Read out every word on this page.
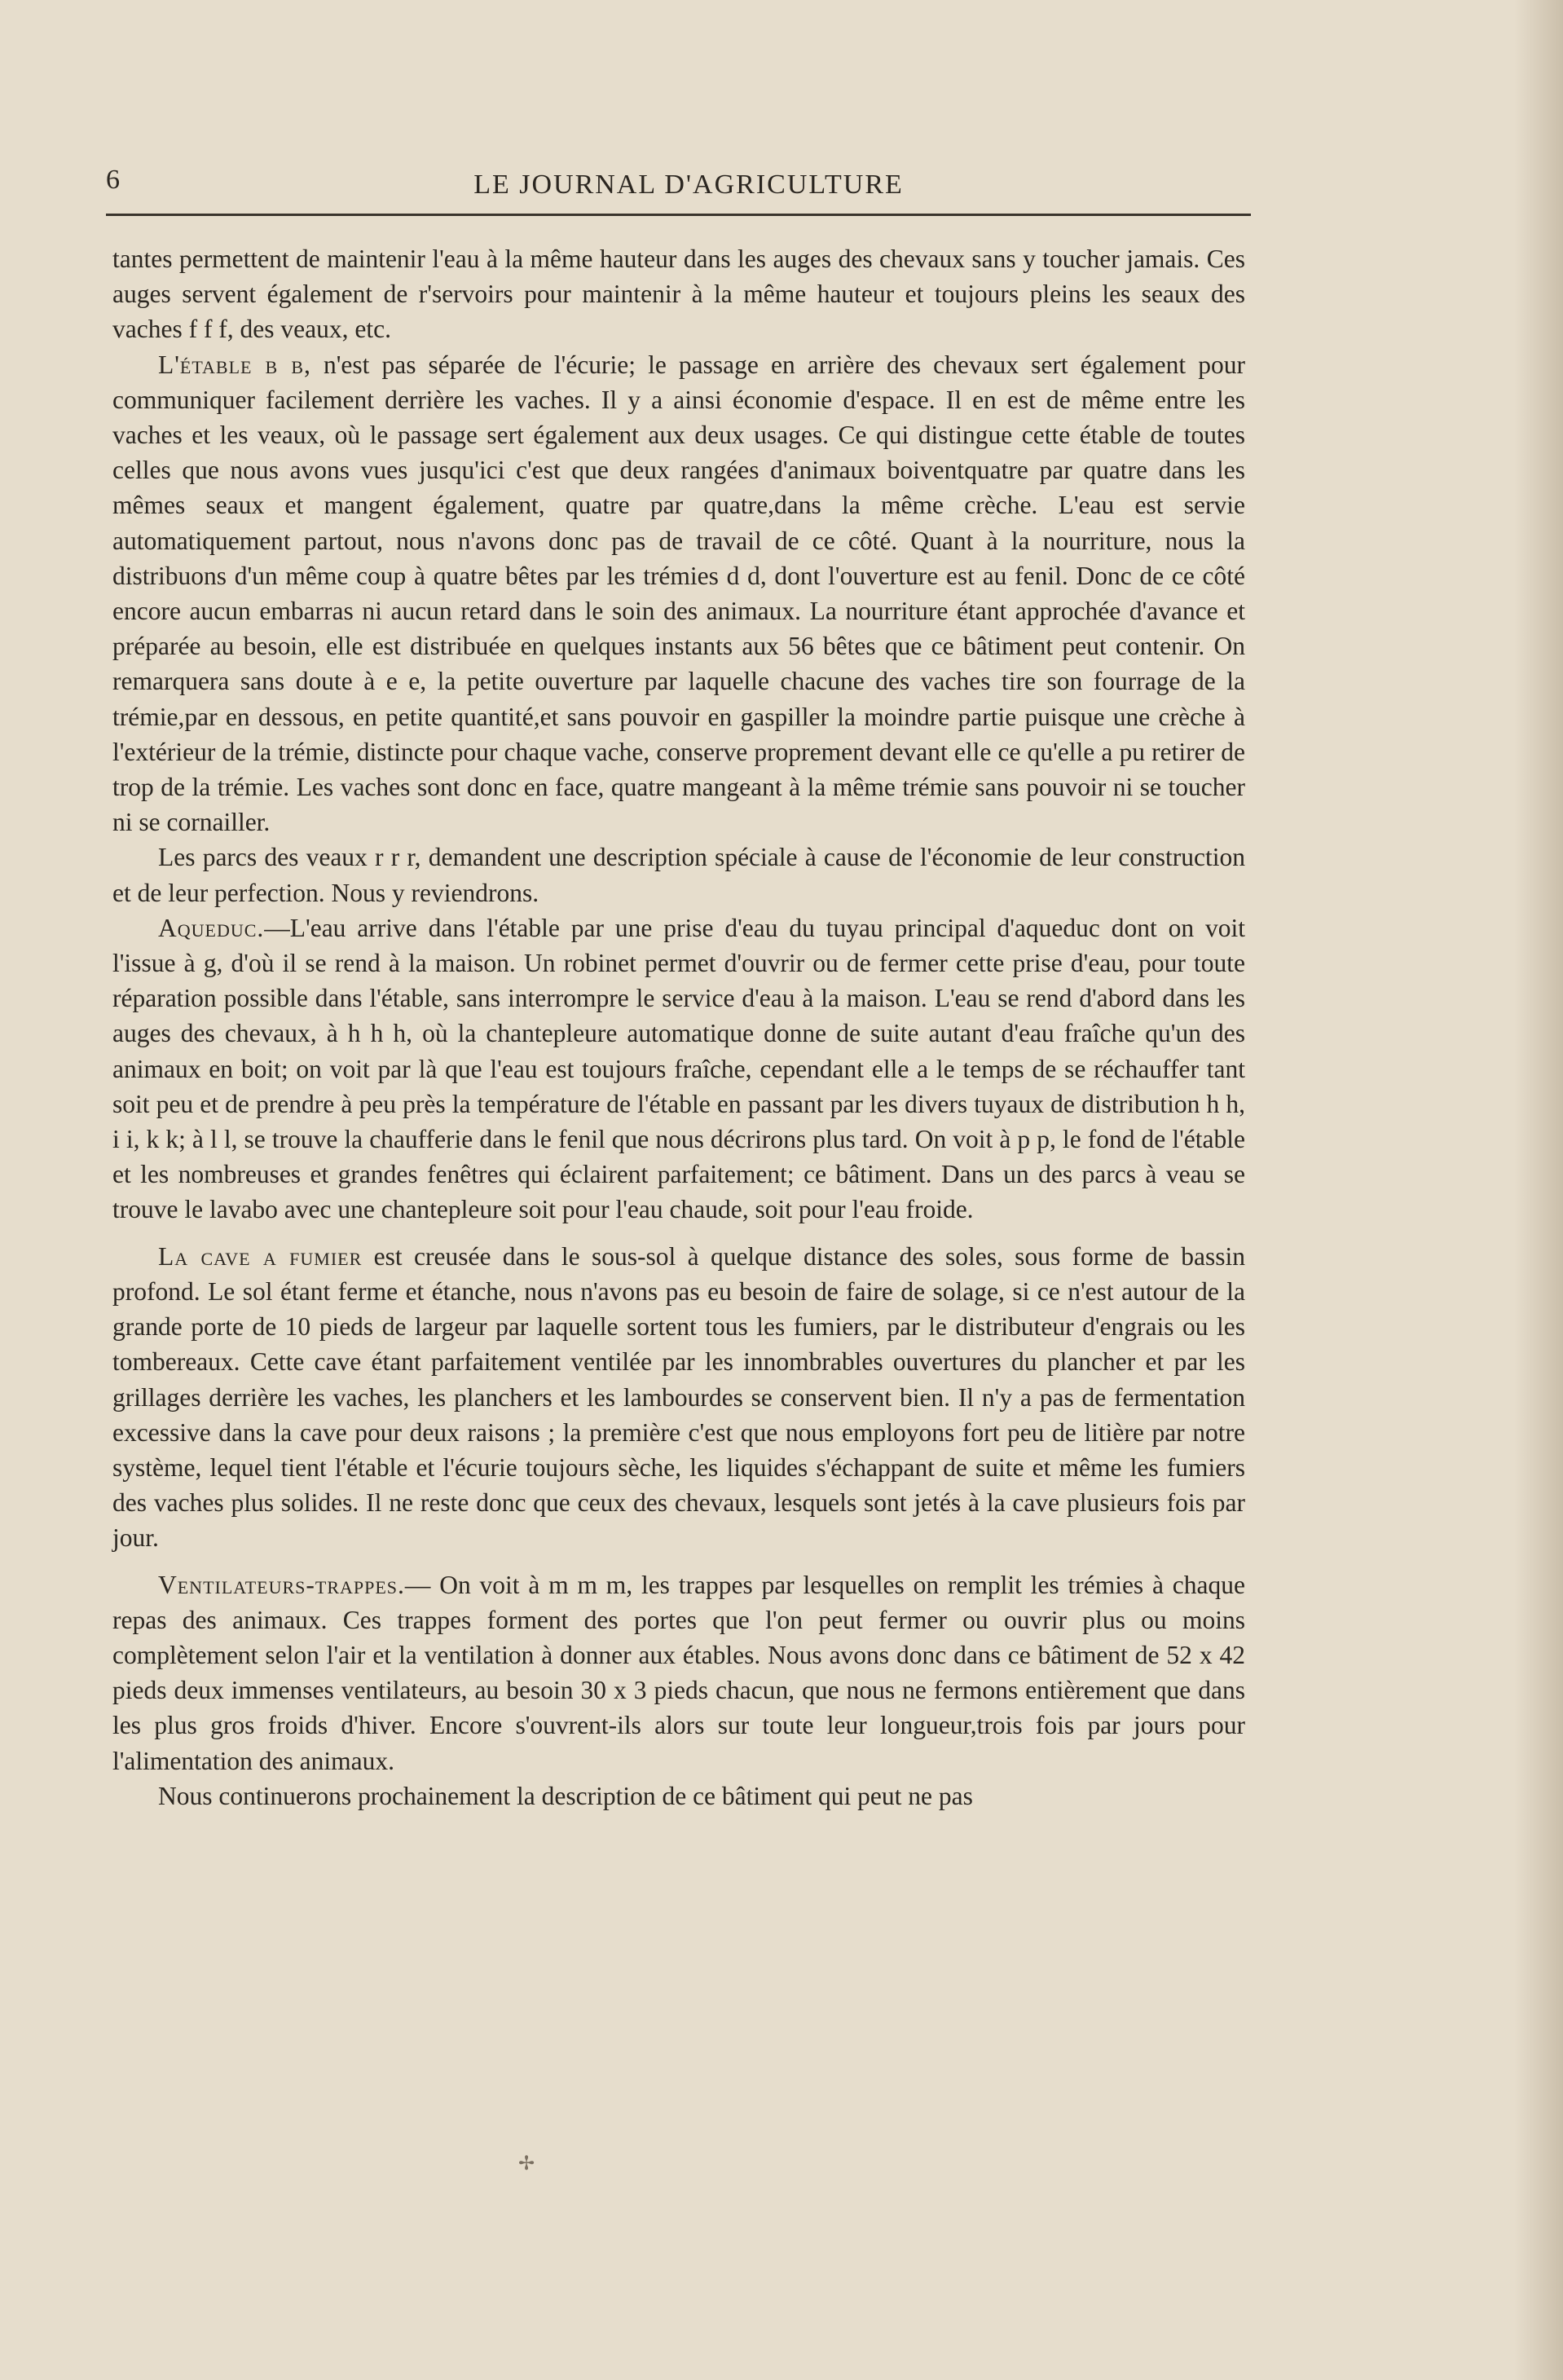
6	LE JOURNAL D'AGRICULTURE

tantes permettent de maintenir l'eau à la même hauteur dans les auges des chevaux sans y toucher jamais. Ces auges servent également de r'servoirs pour maintenir à la même hauteur et toujours pleins les seaux des vaches f f f, des veaux, etc.

L'étable b b, n'est pas séparée de l'écurie; le passage en arrière des chevaux sert également pour communiquer facilement derrière les vaches. Il y a ainsi économie d'espace. Il en est de même entre les vaches et les veaux, où le passage sert également aux deux usages. Ce qui distingue cette étable de toutes celles que nous avons vues jusqu'ici c'est que deux rangées d'animaux boiventquatre par quatre dans les mêmes seaux et mangent également, quatre par quatre,dans la même crèche. L'eau est servie automatiquement partout, nous n'avons donc pas de travail de ce côté. Quant à la nourriture, nous la distribuons d'un même coup à quatre bêtes par les trémies d d, dont l'ouverture est au fenil. Donc de ce côté encore aucun embarras ni aucun retard dans le soin des animaux. La nourriture étant approchée d'avance et préparée au besoin, elle est distribuée en quelques instants aux 56 bêtes que ce bâtiment peut contenir. On remarquera sans doute à e e, la petite ouverture par laquelle chacune des vaches tire son fourrage de la trémie,par en dessous, en petite quantité,et sans pouvoir en gaspiller la moindre partie puisque une crèche à l'extérieur de la trémie, distincte pour chaque vache, conserve proprement devant elle ce qu'elle a pu retirer de trop de la trémie. Les vaches sont donc en face, quatre mangeant à la même trémie sans pouvoir ni se toucher ni se cornailler.

Les parcs des veaux r r r, demandent une description spéciale à cause de l'économie de leur construction et de leur perfection. Nous y reviendrons.

Aqueduc.—L'eau arrive dans l'étable par une prise d'eau du tuyau principal d'aqueduc dont on voit l'issue à g, d'où il se rend à la maison. Un robinet permet d'ouvrir ou de fermer cette prise d'eau, pour toute réparation possible dans l'étable, sans interrompre le service d'eau à la maison. L'eau se rend d'abord dans les auges des chevaux, à h h h, où la chantepleure automatique donne de suite autant d'eau fraîche qu'un des animaux en boit; on voit par là que l'eau est toujours fraîche, cependant elle a le temps de se réchauffer tant soit peu et de prendre à peu près la température de l'étable en passant par les divers tuyaux de distribution h h, i i, k k; à l l, se trouve la chaufferie dans le fenil que nous décrirons plus tard. On voit à p p, le fond de l'étable et les nombreuses et grandes fenêtres qui éclairent parfaitement; ce bâtiment. Dans un des parcs à veau se trouve le lavabo avec une chantepleure soit pour l'eau chaude, soit pour l'eau froide.

La cave a fumier est creusée dans le sous-sol à quelque distance des soles, sous forme de bassin profond. Le sol étant ferme et étanche, nous n'avons pas eu besoin de faire de solage, si ce n'est autour de la grande porte de 10 pieds de largeur par laquelle sortent tous les fumiers, par le distributeur d'engrais ou les tombereaux. Cette cave étant parfaitement ventilée par les innombrables ouvertures du plancher et par les grillages derrière les vaches, les planchers et les lambourdes se conservent bien. Il n'y a pas de fermentation excessive dans la cave pour deux raisons ; la première c'est que nous employons fort peu de litière par notre système, lequel tient l'étable et l'écurie toujours sèche, les liquides s'échappant de suite et même les fumiers des vaches plus solides. Il ne reste donc que ceux des chevaux, lesquels sont jetés à la cave plusieurs fois par jour.

Ventilateurs-trappes.— On voit à m m m, les trappes par lesquelles on remplit les trémies à chaque repas des animaux. Ces trappes forment des portes que l'on peut fermer ou ouvrir plus ou moins complètement selon l'air et la ventilation à donner aux étables. Nous avons donc dans ce bâtiment de 52 x 42 pieds deux immenses ventilateurs, au besoin 30 x 3 pieds chacun, que nous ne fermons entièrement que dans les plus gros froids d'hiver. Encore s'ouvrent-ils alors sur toute leur longueur,trois fois par jours pour l'alimentation des animaux.

Nous continuerons prochainement la description de ce bâtiment qui peut ne pas

✢
